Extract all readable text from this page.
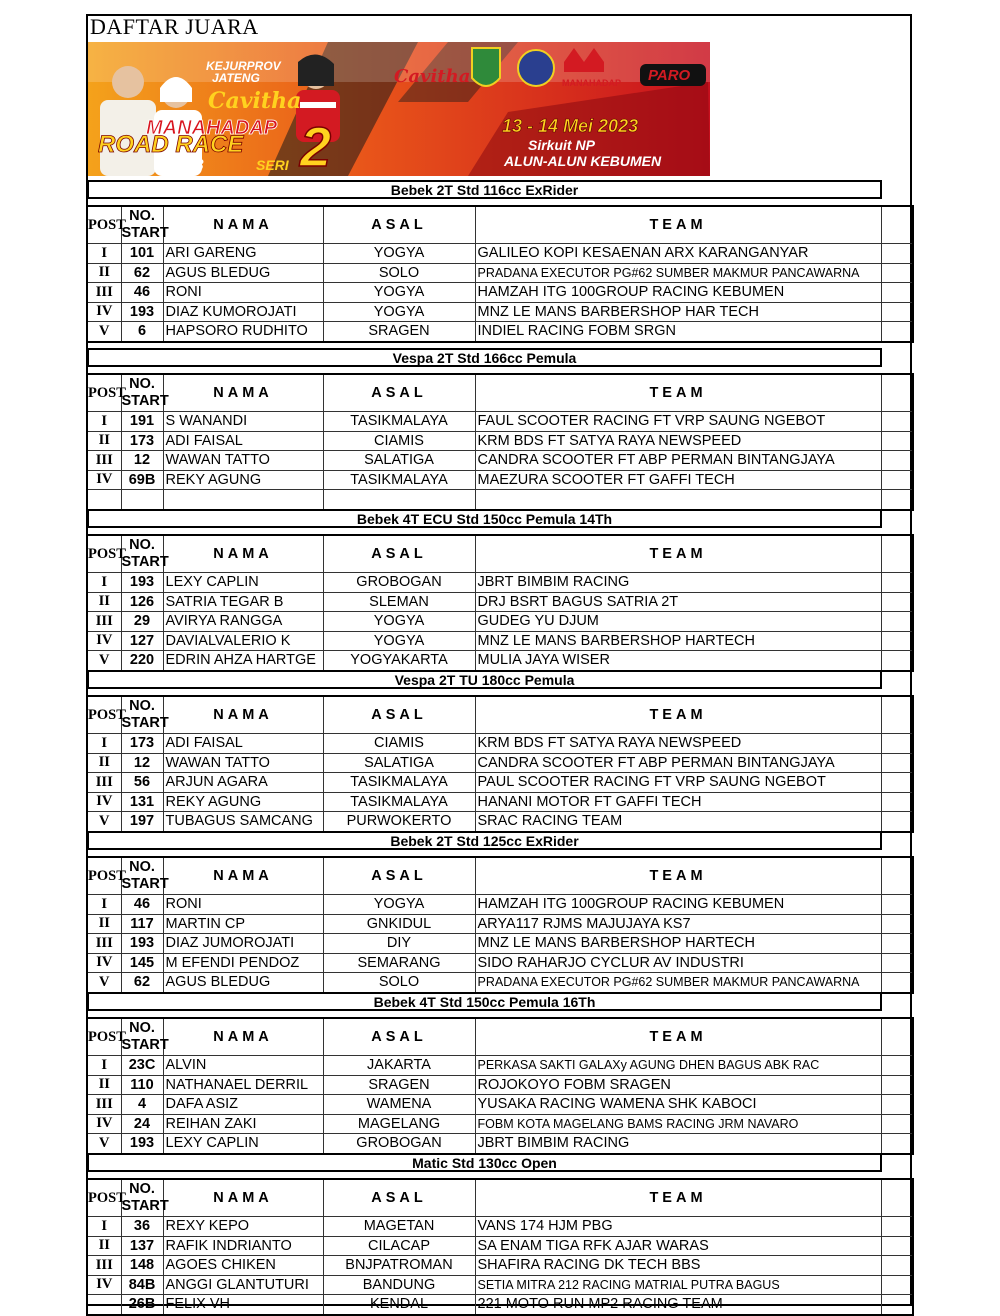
DAFTAR JUARA
KEJURPROV
JATENG
Cavitha
MANAHADAP
ROAD RACE
2023 2
SERI
Cavitha	MANAHADAP PARO
13 - 14 Mei 2023
Sirkuit NP
ALUN-ALUN KEBUMEN
Bebek 2T Std 116cc ExRider
POST	NO.
START	NAMA	ASAL	TEAM	
I	101	ARI GARENG	YOGYA	GALILEO KOPI KESAENAN ARX KARANGANYAR	
II	62	AGUS BLEDUG	SOLO	PRADANA EXECUTOR PG#62 SUMBER MAKMUR PANCAWARNA	
III	46	RONI	YOGYA	HAMZAH ITG 100GROUP RACING KEBUMEN	
IV	193	DIAZ KUMOROJATI	YOGYA	MNZ LE MANS BARBERSHOP HAR TECH	
V	6	HAPSORO RUDHITO	SRAGEN	INDIEL RACING FOBM SRGN	
Vespa 2T Std 166cc Pemula
POST	NO.
START	NAMA	ASAL	TEAM	
I	191	S WANANDI	TASIKMALAYA	FAUL SCOOTER RACING FT VRP SAUNG NGEBOT	
II	173	ADI FAISAL	CIAMIS	KRM BDS FT SATYA RAYA NEWSPEED	
III	12	WAWAN TATTO	SALATIGA	CANDRA SCOOTER FT ABP PERMAN BINTANGJAYA	
IV	69B	REKY AGUNG	TASIKMALAYA	MAEZURA SCOOTER FT GAFFI TECH	

Bebek 4T ECU Std 150cc Pemula 14Th
POST	NO.
START	NAMA	ASAL	TEAM	
I	193	LEXY CAPLIN	GROBOGAN	JBRT BIMBIM RACING	
II	126	SATRIA TEGAR B	SLEMAN	DRJ BSRT BAGUS SATRIA 2T	
III	29	AVIRYA RANGGA	YOGYA	GUDEG YU DJUM	
IV	127	DAVIALVALERIO K	YOGYA	MNZ LE MANS BARBERSHOP HARTECH	
V	220	EDRIN AHZA HARTGE	YOGYAKARTA	MULIA JAYA WISER	
Vespa 2T TU 180cc Pemula
POST	NO.
START	NAMA	ASAL	TEAM	
I	173	ADI FAISAL	CIAMIS	KRM BDS FT SATYA RAYA NEWSPEED	
II	12	WAWAN TATTO	SALATIGA	CANDRA SCOOTER FT ABP PERMAN BINTANGJAYA	
III	56	ARJUN AGARA	TASIKMALAYA	PAUL SCOOTER RACING FT VRP SAUNG NGEBOT	
IV	131	REKY AGUNG	TASIKMALAYA	HANANI MOTOR FT GAFFI TECH	
V	197	TUBAGUS SAMCANG	PURWOKERTO	SRAC RACING TEAM	
Bebek 2T Std 125cc ExRider
POST	NO.
START	NAMA	ASAL	TEAM	
I	46	RONI	YOGYA	HAMZAH ITG 100GROUP RACING KEBUMEN	
II	117	MARTIN CP	GNKIDUL	ARYA117 RJMS MAJUJAYA KS7	
III	193	DIAZ JUMOROJATI	DIY	MNZ LE MANS BARBERSHOP HARTECH	
IV	145	M EFENDI PENDOZ	SEMARANG	SIDO RAHARJO CYCLUR AV INDUSTRI	
V	62	AGUS BLEDUG	SOLO	PRADANA EXECUTOR PG#62 SUMBER MAKMUR PANCAWARNA	
Bebek 4T Std 150cc Pemula 16Th
POST	NO.
START	NAMA	ASAL	TEAM	
I	23C	ALVIN	JAKARTA	PERKASA SAKTI GALAXy AGUNG DHEN BAGUS ABK RAC	
II	110	NATHANAEL DERRIL	SRAGEN	ROJOKOYO FOBM SRAGEN	
III	4	DAFA ASIZ	WAMENA	YUSAKA RACING WAMENA SHK KABOCI	
IV	24	REIHAN ZAKI	MAGELANG	FOBM KOTA MAGELANG BAMS RACING JRM NAVARO	
V	193	LEXY CAPLIN	GROBOGAN	JBRT BIMBIM RACING	
Matic Std 130cc Open
POST	NO.
START	NAMA	ASAL	TEAM	
I	36	REXY KEPO	MAGETAN	VANS 174 HJM PBG	
II	137	RAFIK INDRIANTO	CILACAP	SA ENAM TIGA RFK AJAR WARAS	
III	148	AGOES CHIKEN	BNJPATROMAN	SHAFIRA RACING DK TECH BBS	
IV	84B	ANGGI GLANTUTURI	BANDUNG	SETIA MITRA 212 RACING MATRIAL PUTRA BAGUS	
	26B	FELIX VH	KENDAL	221 MOTO RUN MP2 RACING TEAM	
